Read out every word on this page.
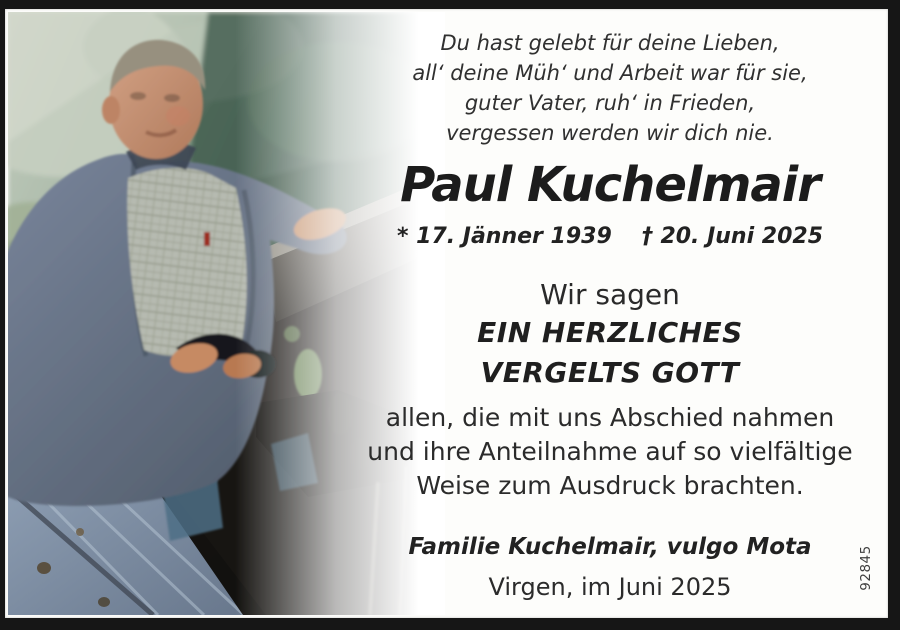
Du hast gelebt für deine Lieben,
all‘ deine Müh‘ und Arbeit war für sie,
guter Vater, ruh‘ in Frieden,
vergessen werden wir dich nie.
Paul Kuchelmair
* 17. Jänner 1939 † 20. Juni 2025
Wir sagen
EIN HERZLICHES
VERGELTS GOTT
allen, die mit uns Abschied nahmen
und ihre Anteilnahme auf so vielfältige
Weise zum Ausdruck brachten.
Familie Kuchelmair, vulgo Mota
Virgen, im Juni 2025	92845
